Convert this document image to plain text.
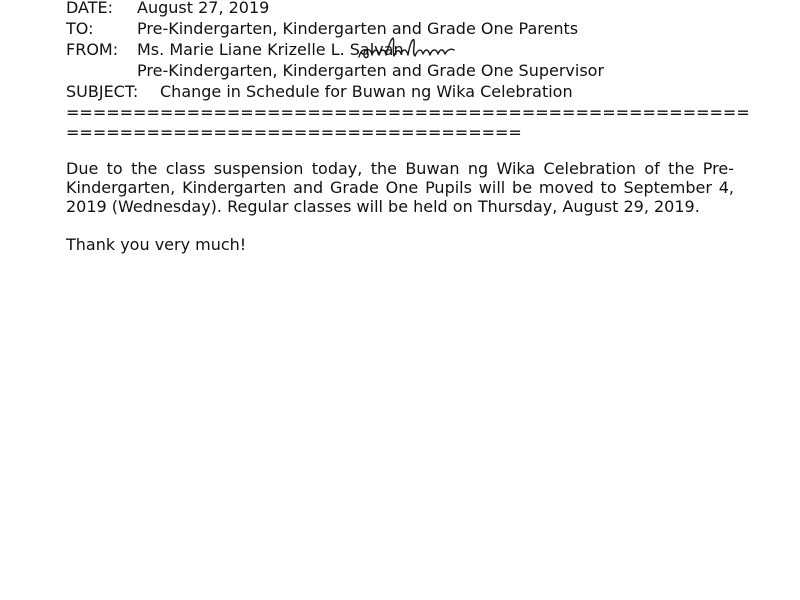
DATE: August 27, 2019
TO:	Pre-Kindergarten, Kindergarten and Grade One Parents
FROM: Ms. Marie Liane Krizelle L. Salvan
Pre-Kindergarten, Kindergarten and Grade One Supervisor
SUBJECT: Change in Schedule for Buwan ng Wika Celebration
===================================================
==================================
Due to the class suspension today, the Buwan ng Wika Celebration of the Pre-Kindergarten, Kindergarten and Grade One Pupils will be moved to September 4, 2019 (Wednesday). Regular classes will be held on Thursday, August 29, 2019.
Thank you very much!
